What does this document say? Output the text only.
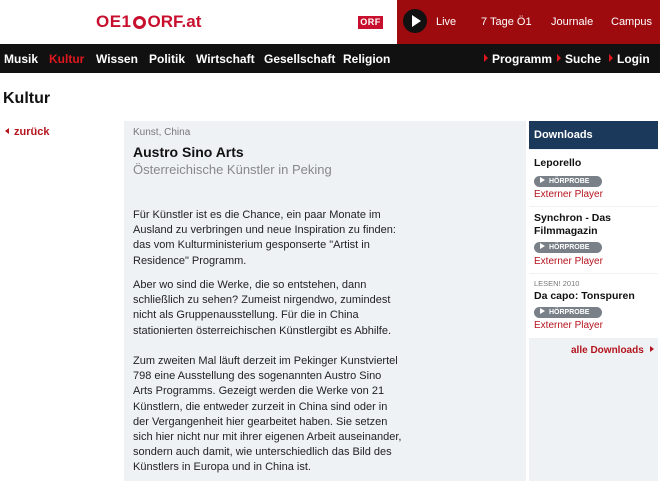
OE1 ORF.at	ORF	Live 7 Tage Ö1 Journale Campus
Musik Kultur Wissen Politik Wirtschaft Gesellschaft Religion	Programm	Suche	Login
Kultur
zurück	Kunst, China
Austro Sino Arts
Österreichische Künstler in Peking

Für Künstler ist es die Chance, ein paar Monate im Ausland zu verbringen und neue Inspiration zu finden: das vom Kulturministerium gesponserte "Artist in Residence" Programm.

Aber wo sind die Werke, die so entstehen, dann schließlich zu sehen? Zumeist nirgendwo, zumindest nicht als Gruppenausstellung. Für die in China stationierten österreichischen Künstlergibt es Abhilfe.

Zum zweiten Mal läuft derzeit im Pekinger Kunstviertel 798 eine Ausstellung des sogenannten Austro Sino Arts Programms. Gezeigt werden die Werke von 21 Künstlern, die entweder zurzeit in China sind oder in der Vergangenheit hier gearbeitet haben. Sie setzen sich hier nicht nur mit ihrer eigenen Arbeit auseinander, sondern auch damit, wie unterschiedlich das Bild des Künstlers in Europa und in China ist.

Downloads
Leporello
HÖRPROBE
Externer Player
Synchron - Das Filmmagazin
HÖRPROBE
Externer Player
LESEN! 2010
Da capo: Tonspuren
HÖRPROBE
Externer Player
alle Downloads
